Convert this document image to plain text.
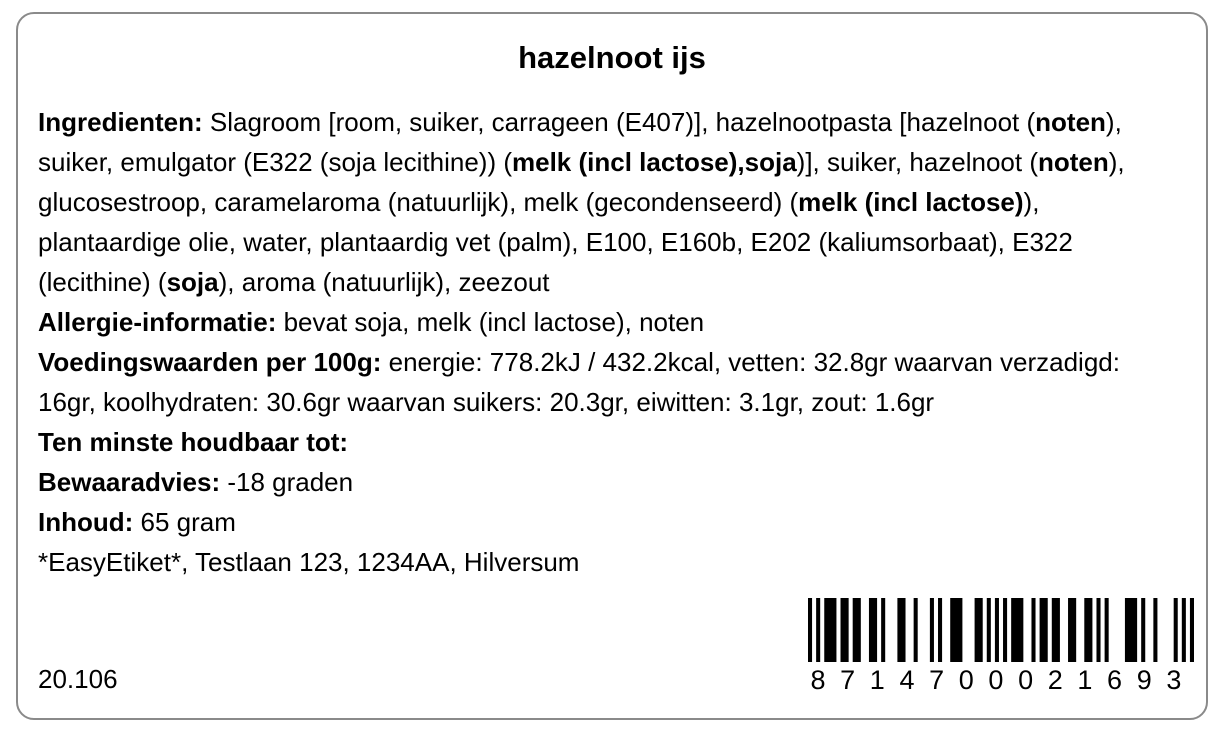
hazelnoot ijs

Ingredienten: Slagroom [room, suiker, carrageen (E407)], hazelnootpasta [hazelnoot (noten), suiker, emulgator (E322 (soja lecithine)) (melk (incl lactose),soja)], suiker, hazelnoot (noten), glucosestroop, caramelaroma (natuurlijk), melk (gecondenseerd) (melk (incl lactose)), plantaardige olie, water, plantaardig vet (palm), E100, E160b, E202 (kaliumsorbaat), E322 (lecithine) (soja), aroma (natuurlijk), zeezout

Allergie-informatie: bevat soja, melk (incl lactose), noten

Voedingswaarden per 100g: energie: 778.2kJ / 432.2kcal, vetten: 32.8gr waarvan verzadigd: 16gr, koolhydraten: 30.6gr waarvan suikers: 20.3gr, eiwitten: 3.1gr, zout: 1.6gr

Ten minste houdbaar tot:

Bewaaradvies: -18 graden

Inhoud: 65 gram

*EasyEtiket*, Testlaan 123, 1234AA, Hilversum

20.106	8 7 1 4 7 0 0 0 2 1 6 9 3
